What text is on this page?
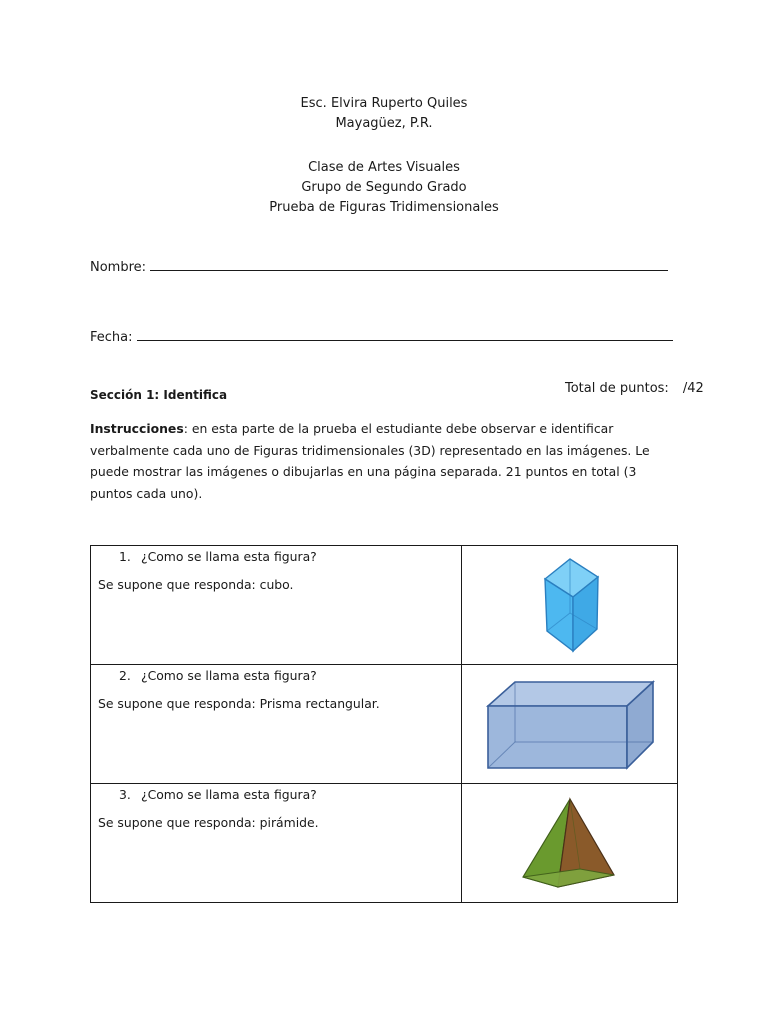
Esc. Elvira Ruperto Quiles
Mayagüez, P.R.
Clase de Artes Visuales
Grupo de Segundo Grado
Prueba de Figuras Tridimensionales
Nombre:
Fecha:
Sección 1: Identifica	Total de puntos: /42
Instrucciones: en esta parte de la prueba el estudiante debe observar e identificar verbalmente cada uno de Figuras tridimensionales (3D) representado en las imágenes. Le puede mostrar las imágenes o dibujarlas en una página separada. 21 puntos en total (3 puntos cada uno).
1. ¿Como se llama esta figura?
Se supone que responda: cubo.

2. ¿Como se llama esta figura?
Se supone que responda: Prisma rectangular.

3. ¿Como se llama esta figura?
Se supone que responda: pirámide.
